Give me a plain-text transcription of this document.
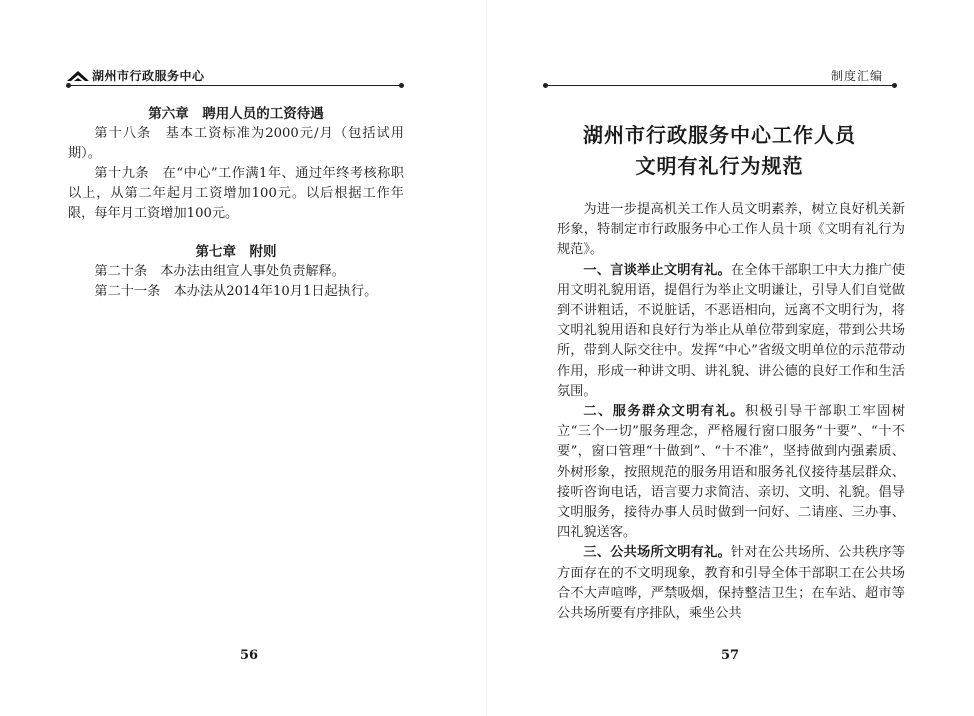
湖州市行政服务中心

第六章　聘用人员的工资待遇

第十八条　基本工资标准为2000元/月（包括试用期）。

第十九条　在“中心”工作满1年、通过年终考核称职以上，从第二年起月工资增加100元。以后根据工作年限，每年月工资增加100元。

第七章　附则

第二十条　本办法由组宣人事处负责解释。

第二十一条　本办法从2014年10月1日起执行。

56
制度汇编
湖州市行政服务中心工作人员
文明有礼行为规范

为进一步提高机关工作人员文明素养，树立良好机关新形象，特制定市行政服务中心工作人员十项《文明有礼行为规范》。

一、言谈举止文明有礼。在全体干部职工中大力推广使用文明礼貌用语，提倡行为举止文明谦让，引导人们自觉做到不讲粗话，不说脏话，不恶语相向，远离不文明行为，将文明礼貌用语和良好行为举止从单位带到家庭，带到公共场所，带到人际交往中。发挥“中心”省级文明单位的示范带动作用，形成一种讲文明、讲礼貌、讲公德的良好工作和生活氛围。

二、服务群众文明有礼。积极引导干部职工牢固树立“三个一切”服务理念，严格履行窗口服务“十要”、“十不要”，窗口管理“十做到”、“十不准”，坚持做到内强素质、外树形象，按照规范的服务用语和服务礼仪接待基层群众、接听咨询电话，语言要力求简洁、亲切、文明、礼貌。倡导文明服务，接待办事人员时做到一问好、二请座、三办事、四礼貌送客。

三、公共场所文明有礼。针对在公共场所、公共秩序等方面存在的不文明现象，教育和引导全体干部职工在公共场合不大声喧哗，严禁吸烟，保持整洁卫生；在车站、超市等公共场所要有序排队，乘坐公共

57
